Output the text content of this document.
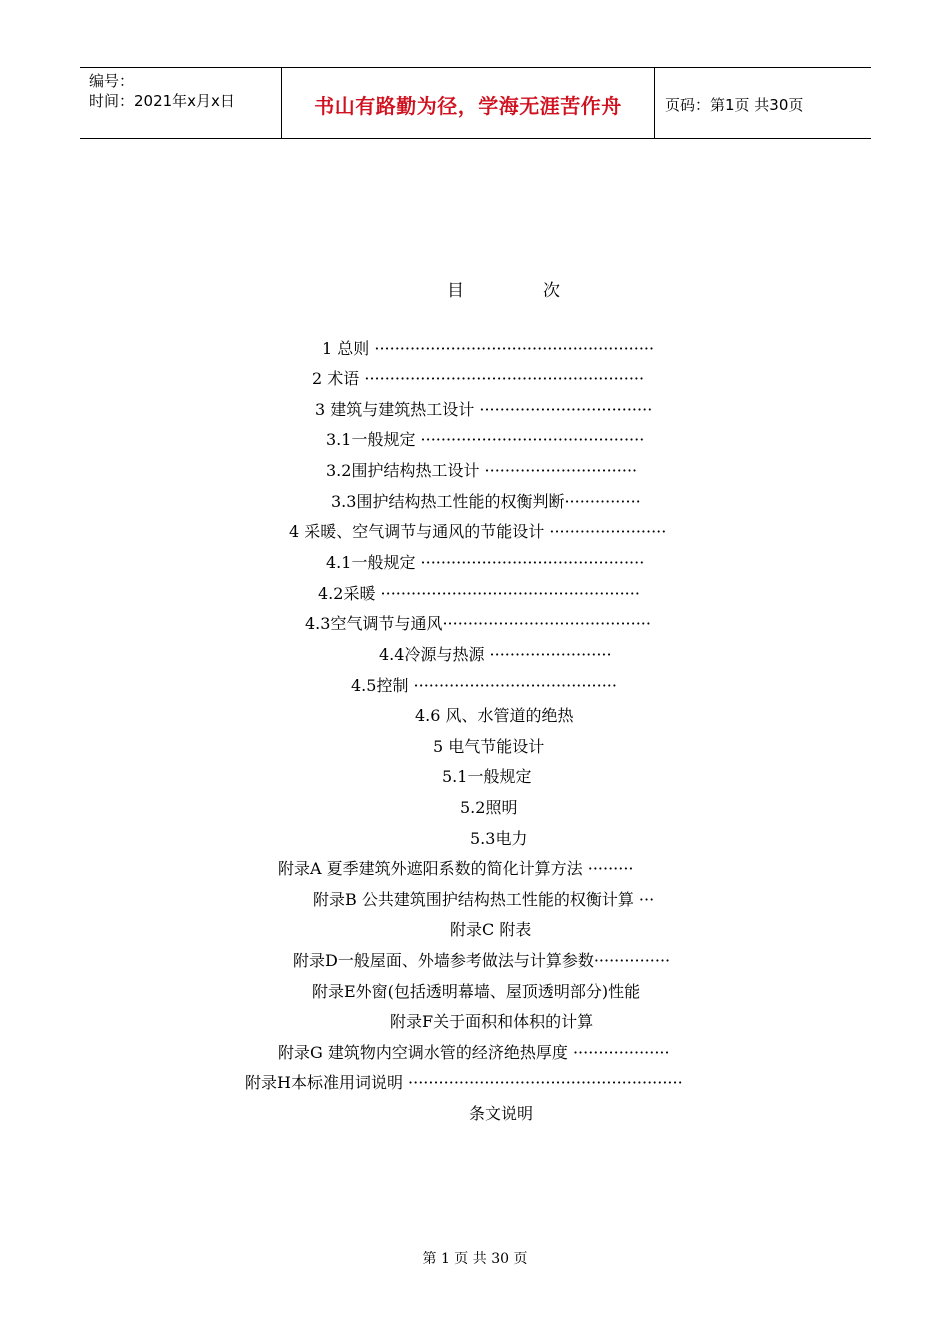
编号：
时间：2021年x月x日	书山有路勤为径，学海无涯苦作舟	页码：第1页 共30页
目	次
1 总则 ·······················································
2 术语 ·······················································
3 建筑与建筑热工设计 ··································
3.1一般规定 ············································
3.2围护结构热工设计 ······························
3.3围护结构热工性能的权衡判断···············
4 采暖、空气调节与通风的节能设计 ·······················
4.1一般规定 ············································
4.2采暖 ···················································
4.3空气调节与通风·········································
4.4冷源与热源 ························
4.5控制 ········································
4.6 风、水管道的绝热
5 电气节能设计
5.1一般规定
5.2照明
5.3电力
附录A 夏季建筑外遮阳系数的简化计算方法 ·········
附录B 公共建筑围护结构热工性能的权衡计算 ···
附录C 附表
附录D一般屋面、外墙参考做法与计算参数···············
附录E外窗(包括透明幕墙、屋顶透明部分)性能
附录F关于面积和体积的计算
附录G 建筑物内空调水管的经济绝热厚度 ···················
附录H本标准用词说明 ······················································
条文说明
第 1 页 共 30 页
